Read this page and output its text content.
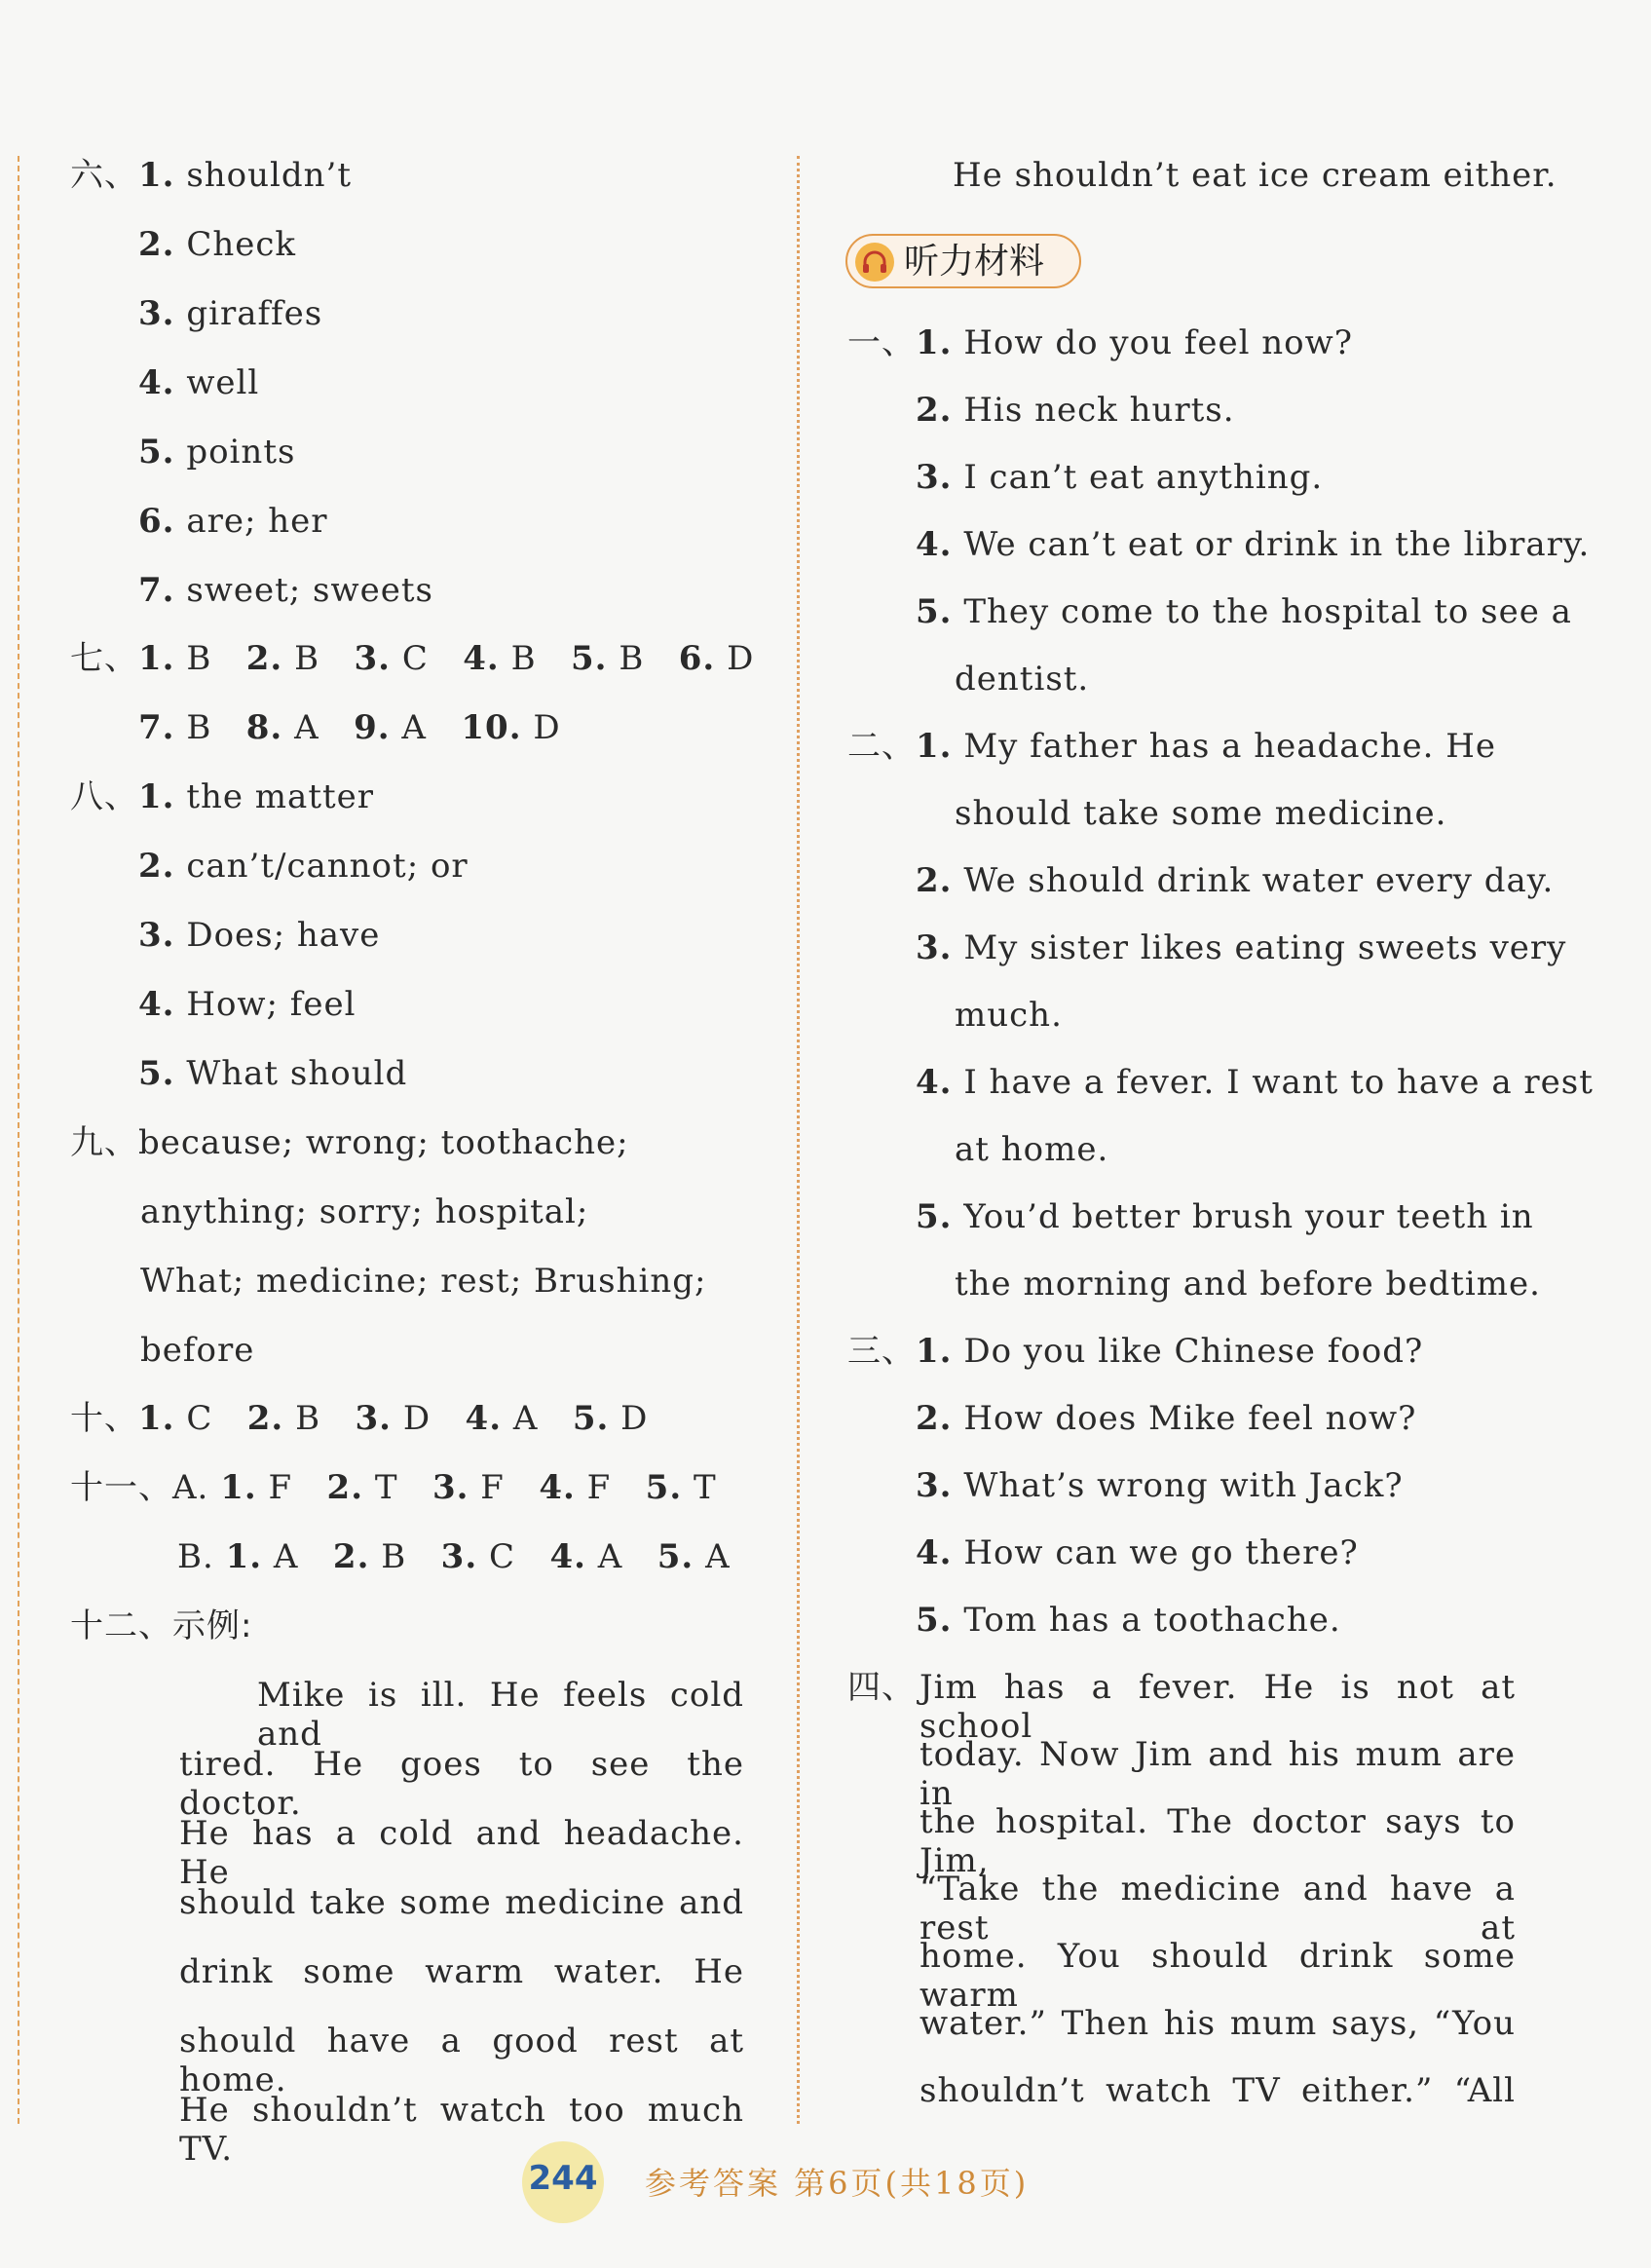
六、1. shouldn’t
2. Check
3. giraffes
4. well
5. points
6. are; her
7. sweet; sweets
七、1. B 2. B 3. C 4. B 5. B 6. D
7. B 8. A 9. A 10. D
八、1. the matter
2. can’t/cannot; or
3. Does; have
4. How; feel
5. What should
九、because; wrong; toothache;
anything; sorry; hospital;
What; medicine; rest; Brushing;
before
十、1. C 2. B 3. D 4. A 5. D
十一、A. 1. F 2. T 3. F 4. F 5. T
B. 1. A 2. B 3. C 4. A 5. A
十二、示例:
Mike is ill. He feels cold and
tired. He goes to see the doctor.
He has a cold and headache. He
should take some medicine and
drink some warm water. He
should have a good rest at home.
He shouldn’t watch too much TV.
He shouldn’t eat ice cream either.
听力材料
一、1. How do you feel now?
2. His neck hurts.
3. I can’t eat anything.
4. We can’t eat or drink in the library.
5. They come to the hospital to see a
dentist.
二、1. My father has a headache. He
should take some medicine.
2. We should drink water every day.
3. My sister likes eating sweets very
much.
4. I have a fever. I want to have a rest
at home.
5. You’d better brush your teeth in
the morning and before bedtime.
三、1. Do you like Chinese food?
2. How does Mike feel now?
3. What’s wrong with Jack?
4. How can we go there?
5. Tom has a toothache.
四、 Jim has a fever. He is not at school
today. Now Jim and his mum are in
the hospital. The doctor says to Jim,
“Take the medicine and have a rest at
home. You should drink some warm
water.” Then his mum says, “You
shouldn’t watch TV either.” “All
244 参考答案 第6页(共18页)
